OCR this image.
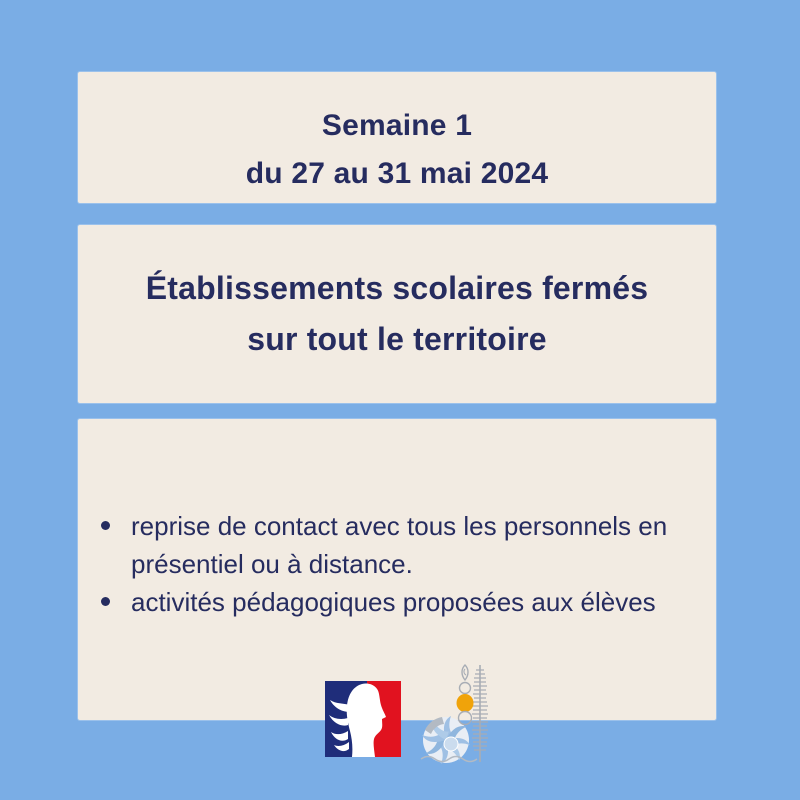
Semaine 1
du 27 au 31 mai 2024
Établissements scolaires fermés
sur tout le territoire
reprise de contact avec tous les personnels en
présentiel ou à distance.
activités pédagogiques proposées aux élèves
